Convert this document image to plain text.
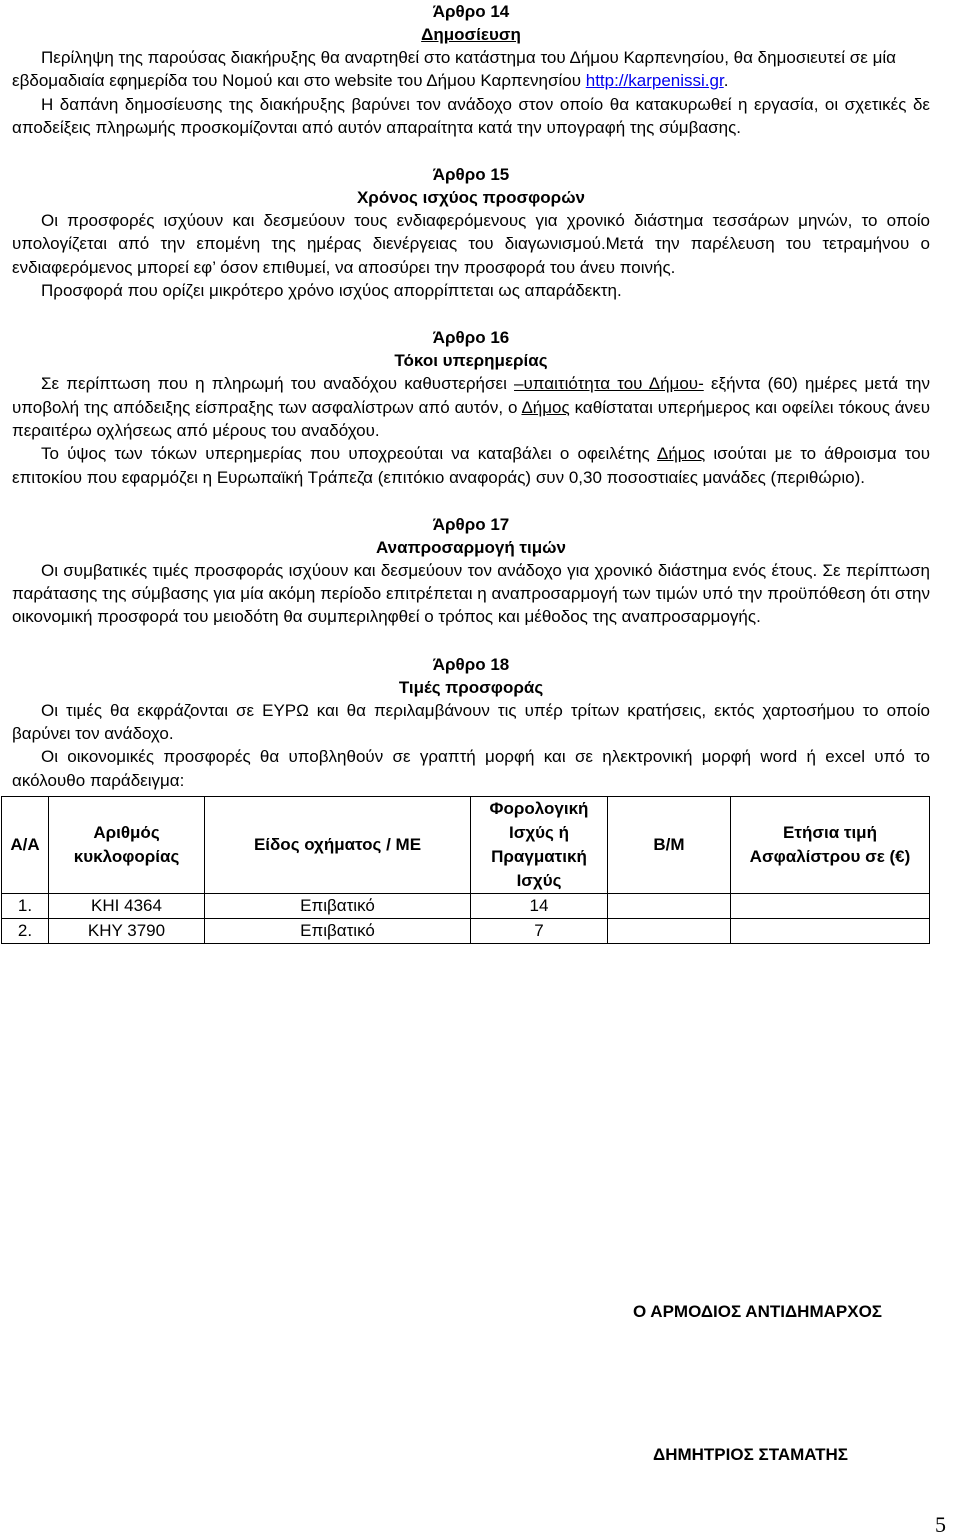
Άρθρο 14
Δημοσίευση

Περίληψη της παρούσας διακήρυξης θα αναρτηθεί στο κατάστημα του Δήμου Καρπενησίου, θα δημοσιευτεί σε μία εβδομαδιαία εφημερίδα του Νομού και στο website του Δήμου Καρπενησίου http://karpenissi.gr.

Η δαπάνη δημοσίευσης της διακήρυξης βαρύνει τον ανάδοχο στον οποίο θα κατακυρωθεί η εργασία, οι σχετικές δε αποδείξεις πληρωμής προσκομίζονται από αυτόν απαραίτητα κατά την υπογραφή της σύμβασης.

Άρθρο 15
Χρόνος ισχύος προσφορών

Οι προσφορές ισχύουν και δεσμεύουν τους ενδιαφερόμενους για χρονικό διάστημα τεσσάρων μηνών, το οποίο υπολογίζεται από την επομένη της ημέρας διενέργειας του διαγωνισμού.Μετά την παρέλευση του τετραμήνου ο ενδιαφερόμενος μπορεί εφ’ όσον επιθυμεί, να αποσύρει την προσφορά του άνευ ποινής.

Προσφορά που ορίζει μικρότερο χρόνο ισχύος απορρίπτεται ως απαράδεκτη.

Άρθρο 16
Τόκοι υπερημερίας

Σε περίπτωση που η πληρωμή του αναδόχου καθυστερήσει –υπαιτιότητα του Δήμου- εξήντα (60) ημέρες μετά την υποβολή της απόδειξης είσπραξης των ασφαλίστρων από αυτόν, ο Δήμος καθίσταται υπερήμερος και οφείλει τόκους άνευ περαιτέρω οχλήσεως από μέρους του αναδόχου.

Το ύψος των τόκων υπερημερίας που υποχρεούται να καταβάλει ο οφειλέτης Δήμος ισούται με το άθροισμα του επιτοκίου που εφαρμόζει η Ευρωπαϊκή Τράπεζα (επιτόκιο αναφοράς) συν 0,30 ποσοστιαίες μανάδες (περιθώριο).

Άρθρο 17
Αναπροσαρμογή τιμών

Οι συμβατικές τιμές προσφοράς ισχύουν και δεσμεύουν τον ανάδοχο για χρονικό διάστημα ενός έτους. Σε περίπτωση παράτασης της σύμβασης για μία ακόμη περίοδο επιτρέπεται η αναπροσαρμογή των τιμών υπό την προϋπόθεση ότι στην οικονομική προσφορά του μειοδότη θα συμπεριληφθεί ο τρόπος και μέθοδος της αναπροσαρμογής.

Άρθρο 18
Τιμές προσφοράς

Οι τιμές θα εκφράζονται σε ΕΥΡΩ και θα περιλαμβάνουν τις υπέρ τρίτων κρατήσεις, εκτός χαρτοσήμου το οποίο βαρύνει τον ανάδοχο.

Οι οικονομικές προσφορές θα υποβληθούν σε γραπτή μορφή και σε ηλεκτρονική μορφή word ή excel υπό το ακόλουθο παράδειγμα:

Α/Α	Αριθμός κυκλοφορίας	Είδος οχήματος / ΜΕ	Φορολογική Ισχύς ή Πραγματική Ισχύς	Β/Μ	Ετήσια τιμή Ασφαλίστρου σε (€)
1.	ΚΗΙ 4364	Επιβατικό	14		
2.	ΚΗΥ 3790	Επιβατικό	7		
Ο ΑΡΜΟΔΙΟΣ ΑΝΤΙΔΗΜΑΡΧΟΣ
ΔΗΜΗΤΡΙΟΣ ΣΤΑΜΑΤΗΣ
5
